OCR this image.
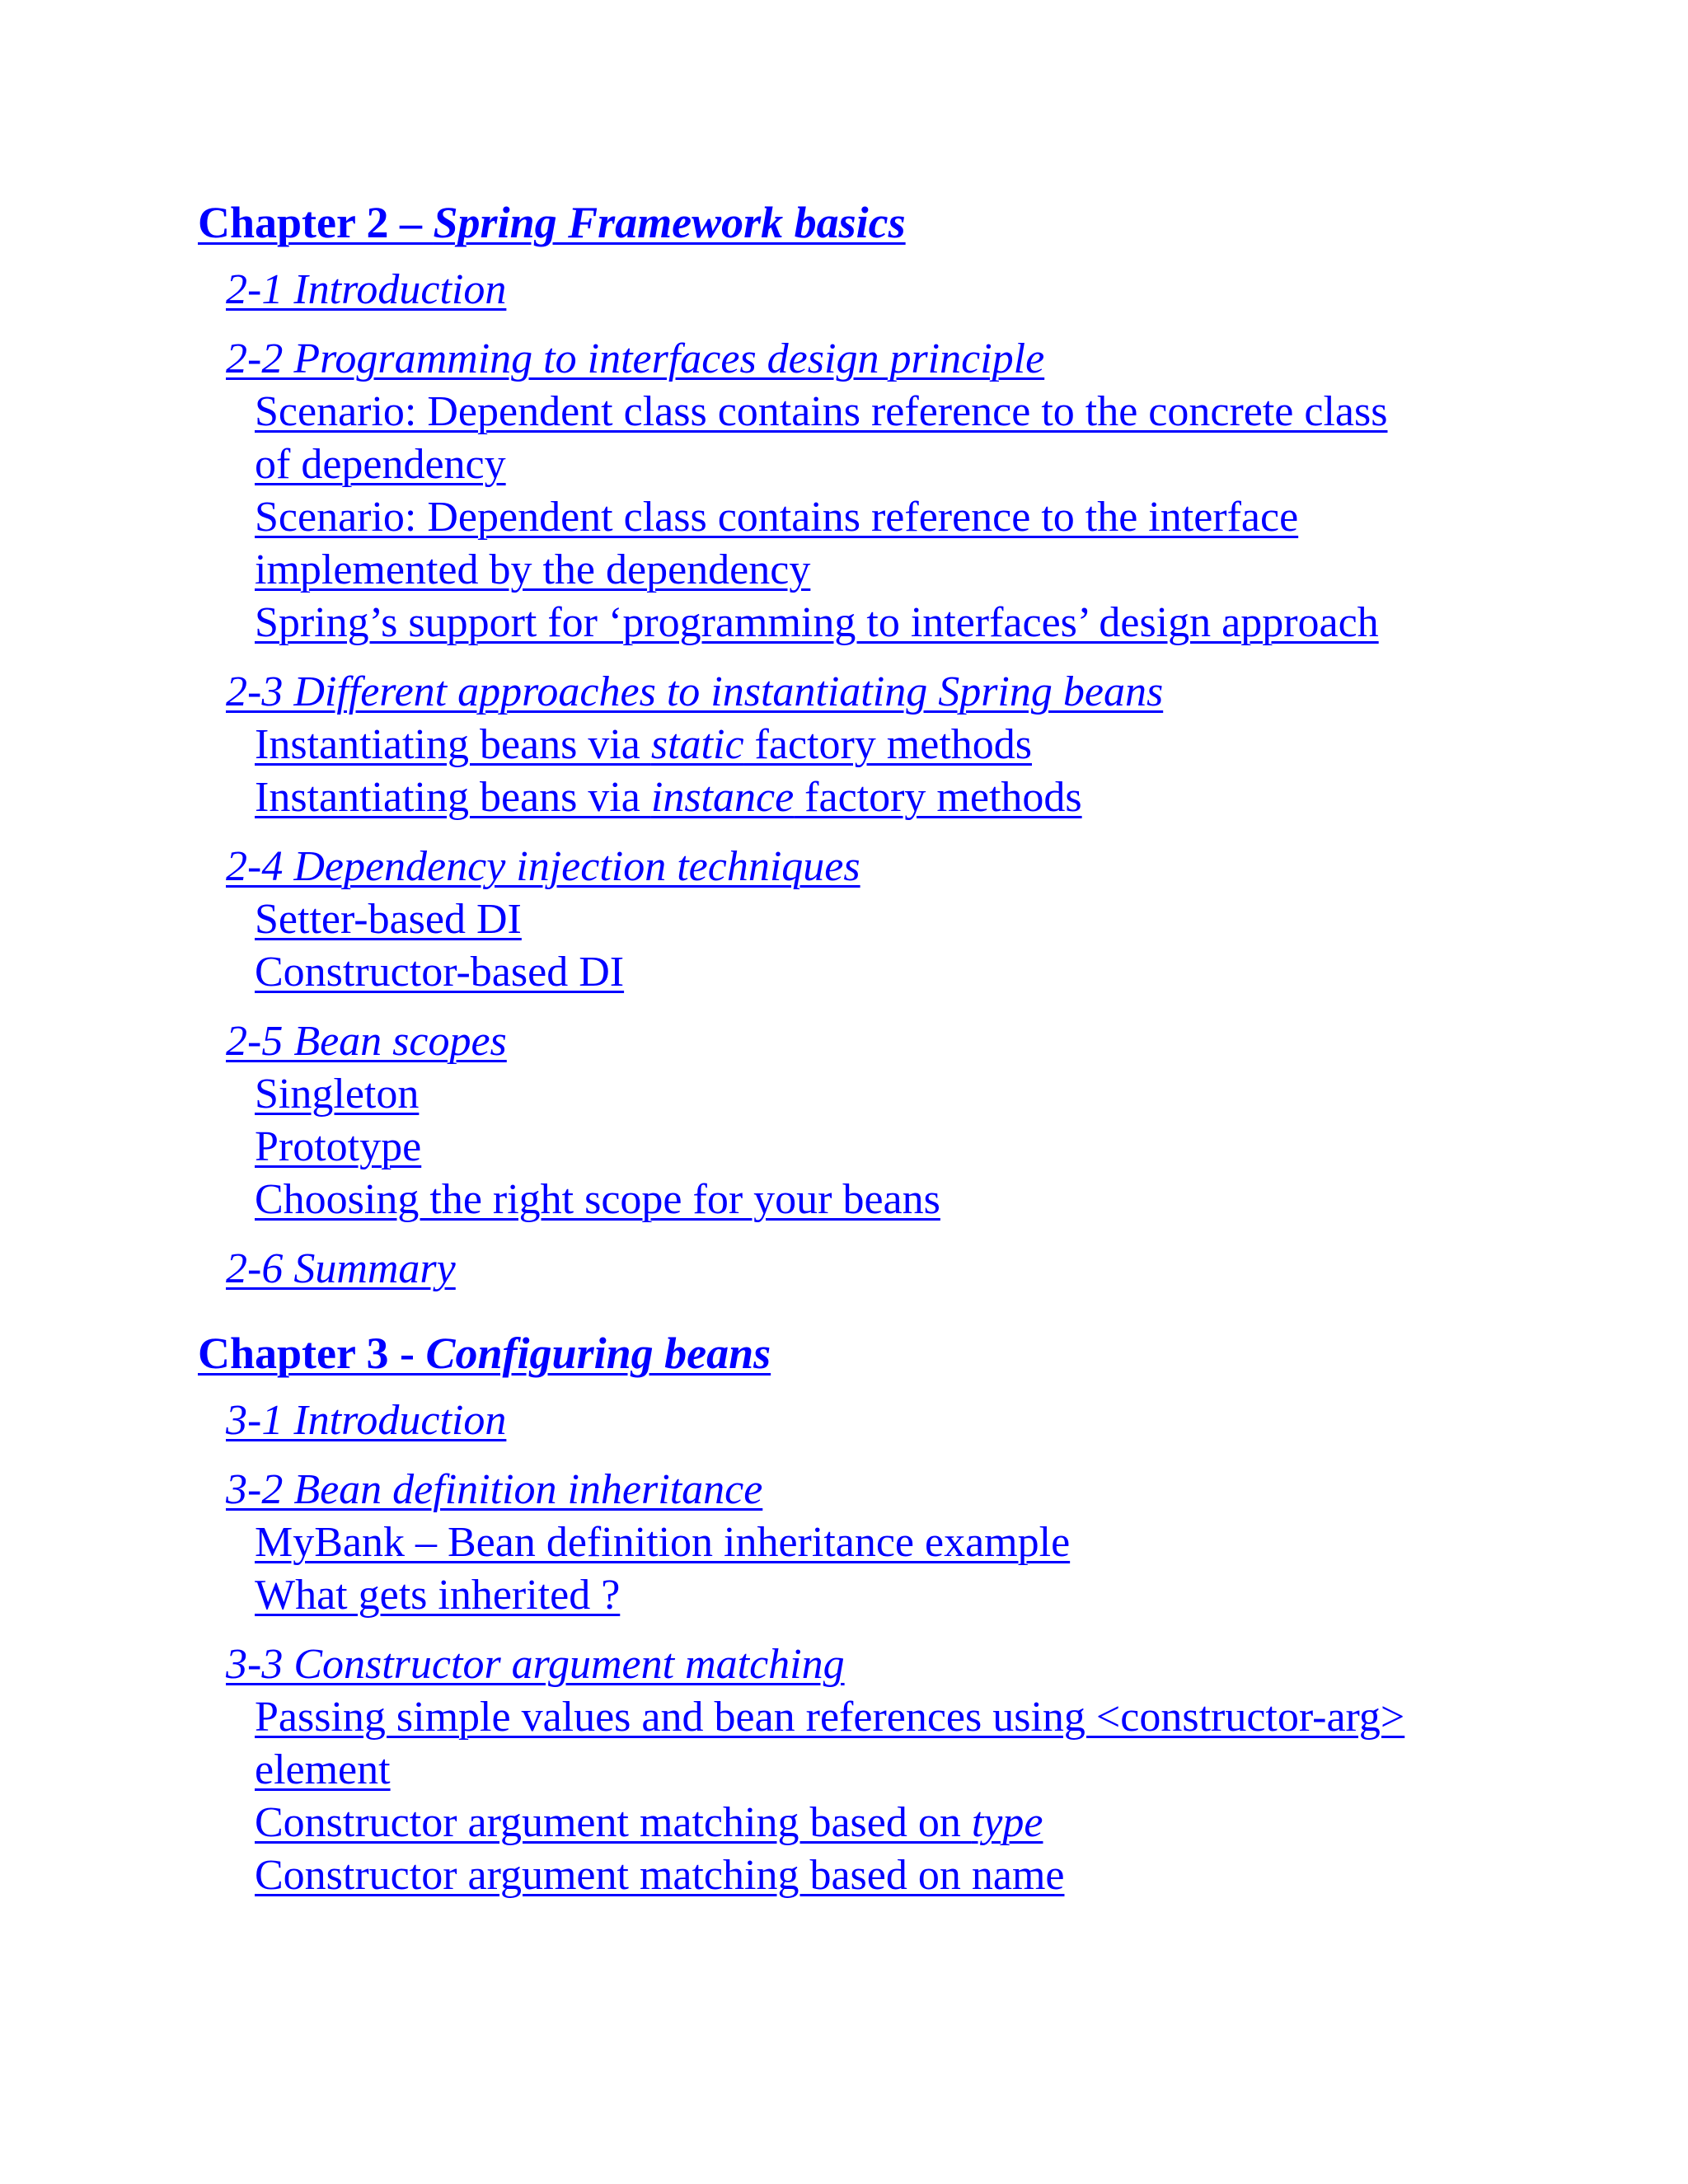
Chapter 2 – Spring Framework basics
2-1 Introduction
2-2 Programming to interfaces design principle
Scenario: Dependent class contains reference to the concrete class
of dependency
Scenario: Dependent class contains reference to the interface
implemented by the dependency
Spring’s support for ‘programming to interfaces’ design approach
2-3 Different approaches to instantiating Spring beans
Instantiating beans via static factory methods
Instantiating beans via instance factory methods
2-4 Dependency injection techniques
Setter-based DI
Constructor-based DI
2-5 Bean scopes
Singleton
Prototype
Choosing the right scope for your beans
2-6 Summary
Chapter 3 - Configuring beans
3-1 Introduction
3-2 Bean definition inheritance
MyBank – Bean definition inheritance example
What gets inherited ?
3-3 Constructor argument matching
Passing simple values and bean references using <constructor-arg>
element
Constructor argument matching based on type
Constructor argument matching based on name
